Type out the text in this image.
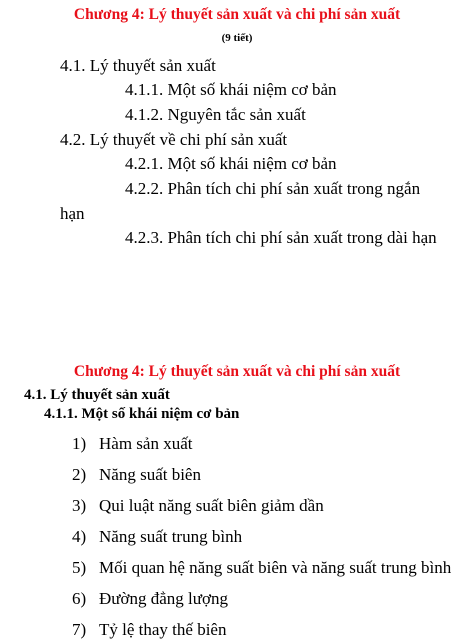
Chương 4: Lý thuyết sản xuất và chi phí sản xuất
(9 tiết)
4.1. Lý thuyết sản xuất
4.1.1. Một số khái niệm cơ bản
4.1.2. Nguyên tắc sản xuất
4.2. Lý thuyết về chi phí sản xuất
4.2.1. Một số khái niệm cơ bản
4.2.2. Phân tích chi phí sản xuất trong ngắn
hạn
4.2.3. Phân tích chi phí sản xuất trong dài hạn
Chương 4: Lý thuyết sản xuất và chi phí sản xuất
4.1. Lý thuyết sản xuất
4.1.1. Một số khái niệm cơ bản
1) Hàm sản xuất
2) Năng suất biên
3) Qui luật năng suất biên giảm dần
4) Năng suất trung bình
5) Mối quan hệ năng suất biên và năng suất trung bình
6) Đường đẳng lượng
7) Tỷ lệ thay thế biên
